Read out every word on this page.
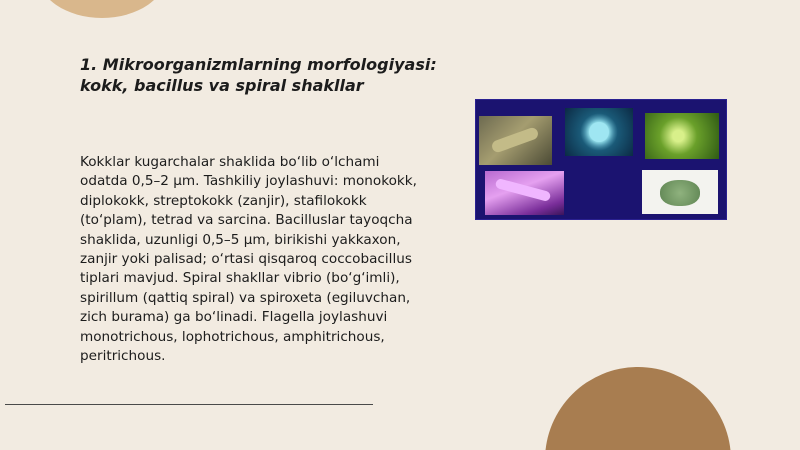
1. Mikroorganizmlarning morfologiyasi: kokk, bacillus va spiral shakllar

Kokklar kugarchalar shaklida bo‘lib o‘lchami odatda 0,5–2 µm. Tashkiliy joylashuvi: monokokk, diplokokk, streptokokk (zanjir), stafilokokk (to‘plam), tetrad va sarcina. Bacilluslar tayoqcha shaklida, uzunligi 0,5–5 µm, birikishi yakkaxon, zanjir yoki palisad; o‘rtasi qisqaroq coccobacillus tiplari mavjud. Spiral shakllar vibrio (bo‘g‘imli), spirillum (qattiq spiral) va spiroxeta (egiluvchan, zich burama) ga bo‘linadi. Flagella joylashuvi monotrichous, lophotrichous, amphitrichous, peritrichous.
